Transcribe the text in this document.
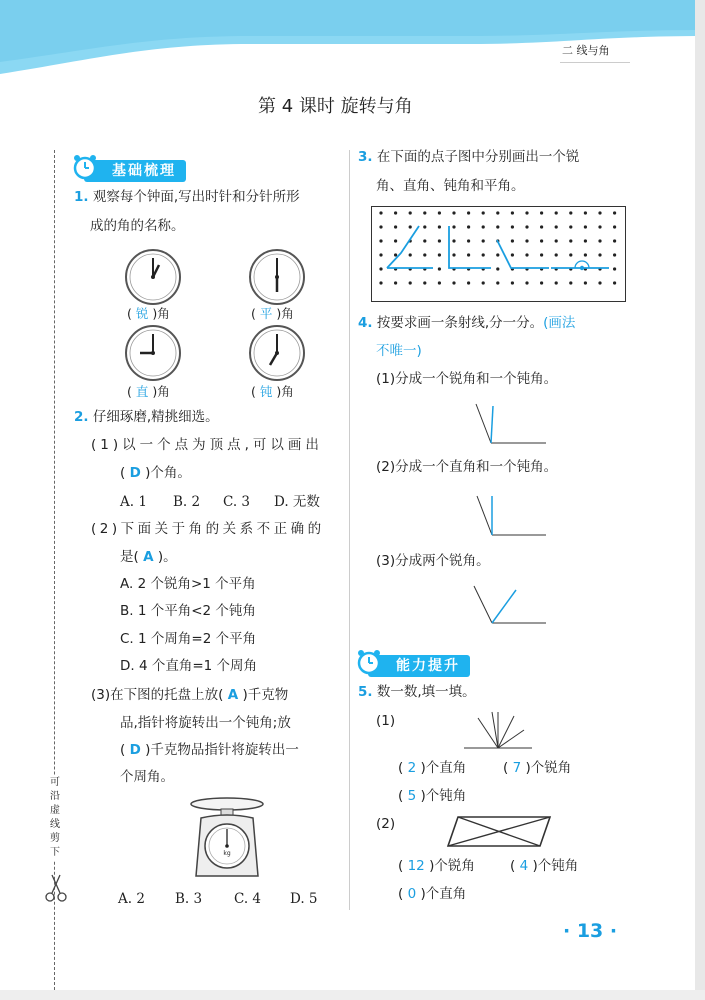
二 线与角
第 4 课时 旋转与角
可沿虚线剪下
基础梳理
1. 观察每个钟面,写出时针和分针所形
成的角的名称。
( 锐 )角	( 平 )角
( 直 )角	( 钝 )角
2. 仔细琢磨,精挑细选。
(1)以一个点为顶点,可以画出
( D )个角。
A. 1 B. 2 C. 3 D. 无数
(2)下面关于角的关系不正确的
是( A )。
A. 2 个锐角>1 个平角
B. 1 个平角<2 个钝角
C. 1 个周角=2 个平角
D. 4 个直角=1 个周角
(3)在下图的托盘上放( A )千克物
品,指针将旋转出一个钝角;放
( D )千克物品指针将旋转出一
个周角。
kg
A. 2 B. 3 C. 4 D. 5
3. 在下面的点子图中分别画出一个锐
角、直角、钝角和平角。
4. 按要求画一条射线,分一分。(画法
不唯一)
(1)分成一个锐角和一个钝角。
(2)分成一个直角和一个钝角。
(3)分成两个锐角。
能力提升
5. 数一数,填一填。
(1)
( 2 )个直角	( 7 )个锐角
( 5 )个钝角
(2)
( 12 )个锐角	( 4 )个钝角
( 0 )个直角
· 13 ·
